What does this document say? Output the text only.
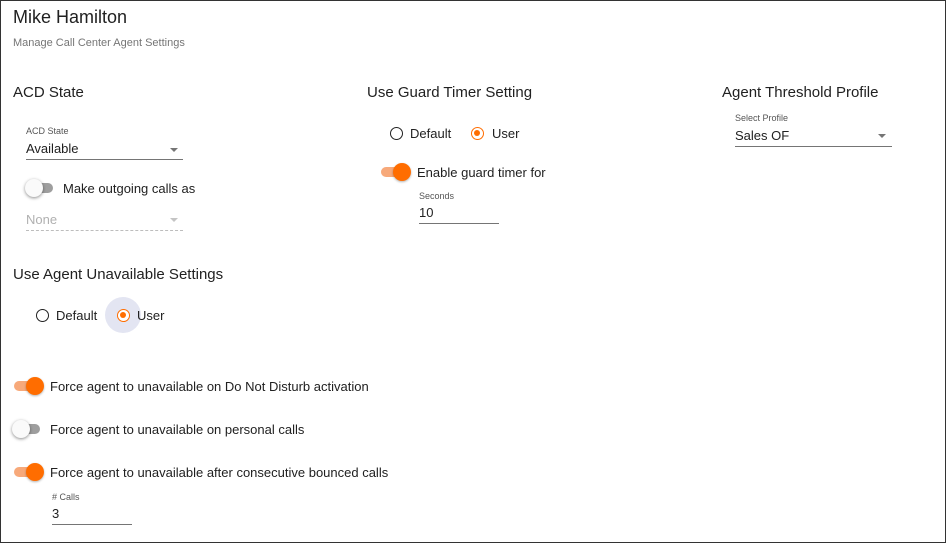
Mike Hamilton
Manage Call Center Agent Settings
ACD State
ACD State
Available
Make outgoing calls as
None
Use Guard Timer Setting
Default	User
Enable guard timer for
Seconds
10
Agent Threshold Profile
Select Profile
Sales OF
Use Agent Unavailable Settings
Default	User
Force agent to unavailable on Do Not Disturb activation
Force agent to unavailable on personal calls
Force agent to unavailable after consecutive bounced calls
# Calls
3
